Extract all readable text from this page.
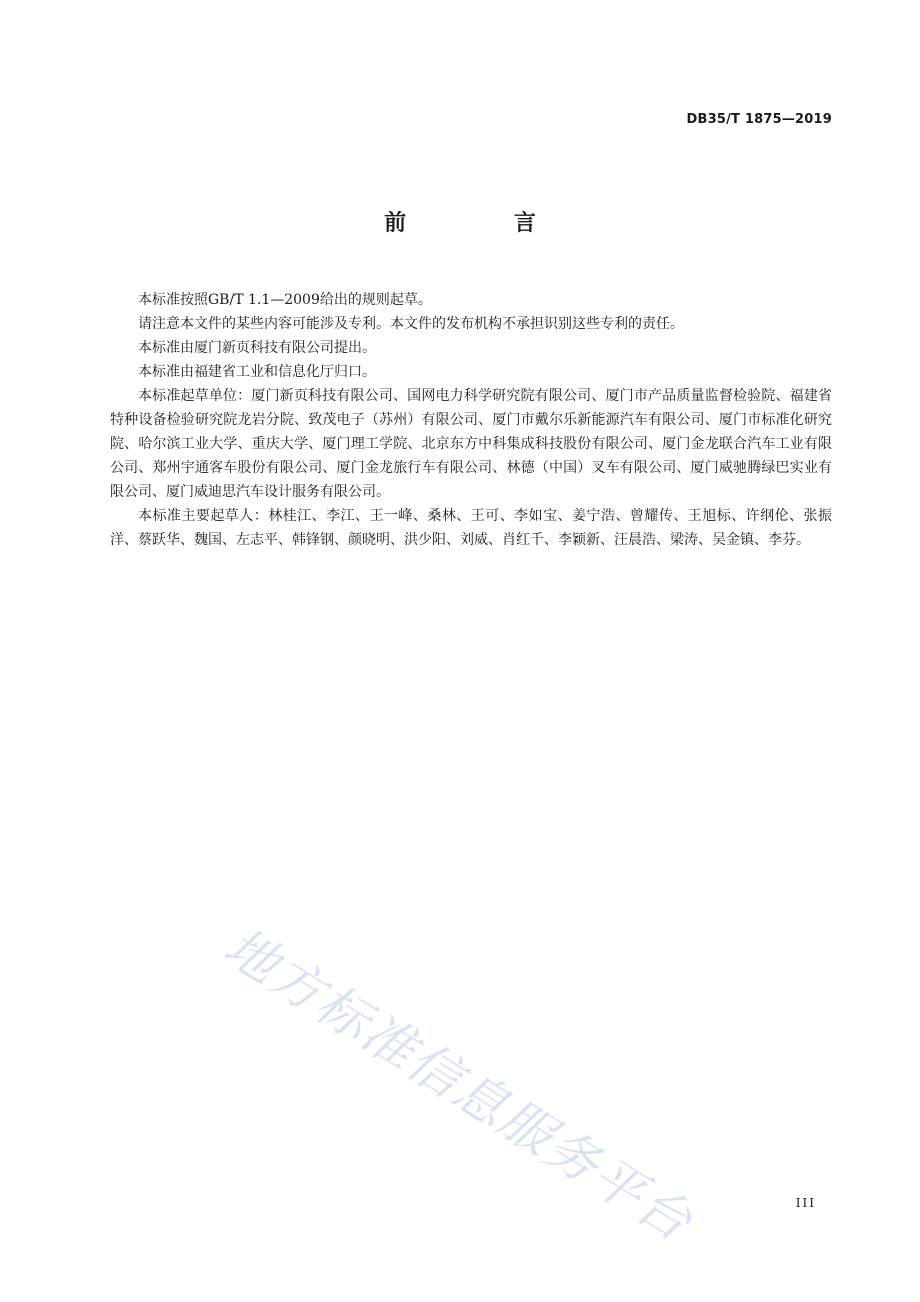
DB35/T 1875—2019
前 言

本标准按照GB/T 1.1—2009给出的规则起草。

请注意本文件的某些内容可能涉及专利。本文件的发布机构不承担识别这些专利的责任。

本标准由厦门新页科技有限公司提出。

本标准由福建省工业和信息化厅归口。

本标准起草单位：厦门新页科技有限公司、国网电力科学研究院有限公司、厦门市产品质量监督检验院、福建省特种设备检验研究院龙岩分院、致茂电子（苏州）有限公司、厦门市戴尔乐新能源汽车有限公司、厦门市标准化研究院、哈尔滨工业大学、重庆大学、厦门理工学院、北京东方中科集成科技股份有限公司、厦门金龙联合汽车工业有限公司、郑州宇通客车股份有限公司、厦门金龙旅行车有限公司、林德（中国）叉车有限公司、厦门威驰腾绿巴实业有限公司、厦门威迪思汽车设计服务有限公司。

本标准主要起草人：林桂江、李江、王一峰、桑林、王可、李如宝、姜宁浩、曾耀传、王旭标、许纲伦、张振洋、蔡跃华、魏国、左志平、韩锋钢、颜晓明、洪少阳、刘威、肖红千、李颖新、汪晨浩、梁涛、吴金镇、李芬。

地方标准信息服务平台	III
